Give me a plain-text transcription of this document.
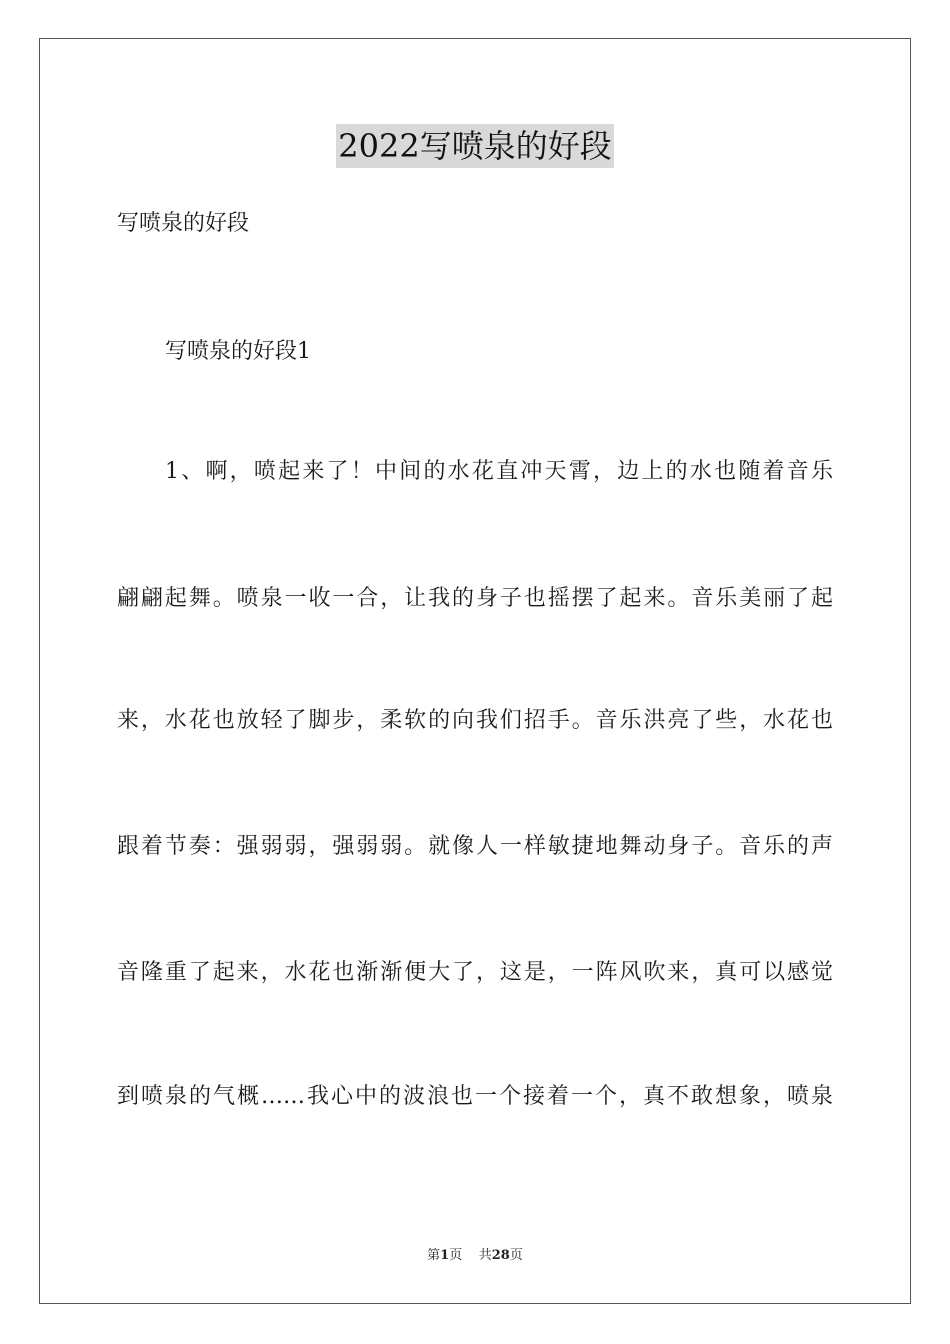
2022写喷泉的好段
写喷泉的好段
写喷泉的好段1
1、啊，喷起来了！中间的水花直冲天霄，边上的水也随着音乐
翩翩起舞。喷泉一收一合，让我的身子也摇摆了起来。音乐美丽了起
来，水花也放轻了脚步，柔软的向我们招手。音乐洪亮了些，水花也
跟着节奏：强弱弱，强弱弱。就像人一样敏捷地舞动身子。音乐的声
音隆重了起来，水花也渐渐便大了，这是，一阵风吹来，真可以感觉
到喷泉的气概……我心中的波浪也一个接着一个，真不敢想象，喷泉
第1页 共28页
